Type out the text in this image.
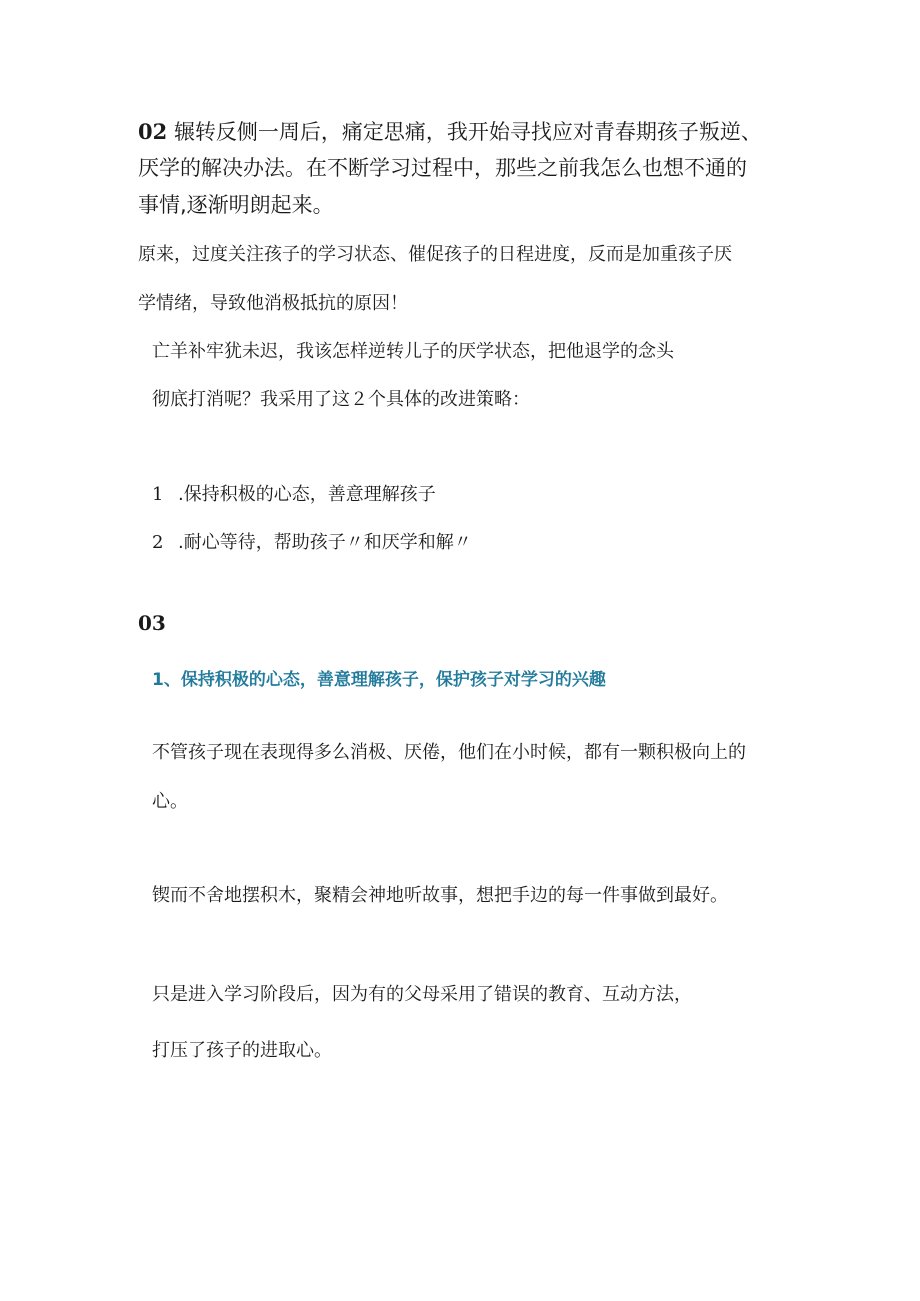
02 辗转反侧一周后，痛定思痛，我开始寻找应对青春期孩子叛逆、
厌学的解决办法。在不断学习过程中，那些之前我怎么也想不通的
事情,逐渐明朗起来。
原来，过度关注孩子的学习状态、催促孩子的日程进度，反而是加重孩子厌
学情绪，导致他消极抵抗的原因！
亡羊补牢犹未迟，我该怎样逆转儿子的厌学状态，把他退学的念头
彻底打消呢？我采用了这２个具体的改进策略：
1 .保持积极的心态，善意理解孩子
2 .耐心等待，帮助孩子〃和厌学和解〃
03
1、保持积极的心态，善意理解孩子，保护孩子对学习的兴趣
不管孩子现在表现得多么消极、厌倦，他们在小时候，都有一颗积极向上的
心。
锲而不舍地摆积木，聚精会神地听故事，想把手边的每一件事做到最好。
只是进入学习阶段后，因为有的父母采用了错误的教育、互动方法，
打压了孩子的进取心。
